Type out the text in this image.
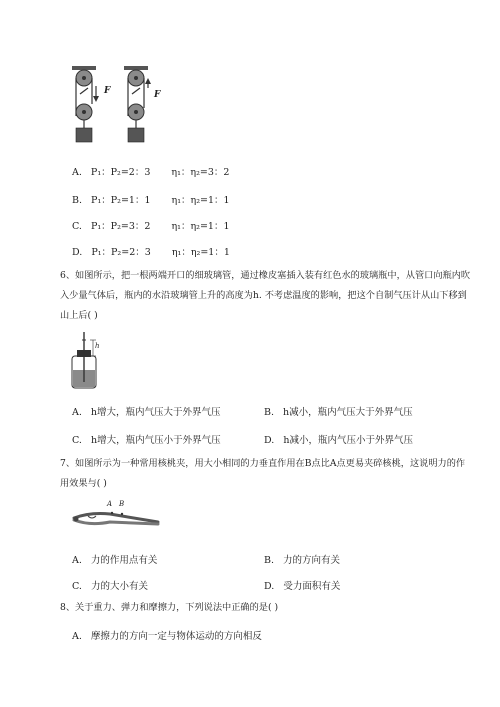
F	F
A. P₁：P₂=2：3 η₁：η₂=3：2
B. P₁：P₂=1：1 η₁：η₂=1：1
C. P₁：P₂=3：2 η₁：η₂=1：1
D. P₁：P₂=2：3 η₁：η₂=1：1
6、如图所示，把一根两端开口的细玻璃管，通过橡皮塞插入装有红色水的玻璃瓶中，从管口向瓶内吹
入少量气体后，瓶内的水沿玻璃管上升的高度为h. 不考虑温度的影响，把这个自制气压计从山下移到
山上后( )
h
A. h增大，瓶内气压大于外界气压	B. h减小，瓶内气压大于外界气压
C. h增大，瓶内气压小于外界气压	D. h减小，瓶内气压小于外界气压
7、如图所示为一种常用核桃夹，用大小相同的力垂直作用在B点比A点更易夹碎核桃，这说明力的作
用效果与( )
A B
A. 力的作用点有关	B. 力的方向有关
C. 力的大小有关	D. 受力面积有关
8、关于重力、弹力和摩擦力，下列说法中正确的是( )
A. 摩擦力的方向一定与物体运动的方向相反
